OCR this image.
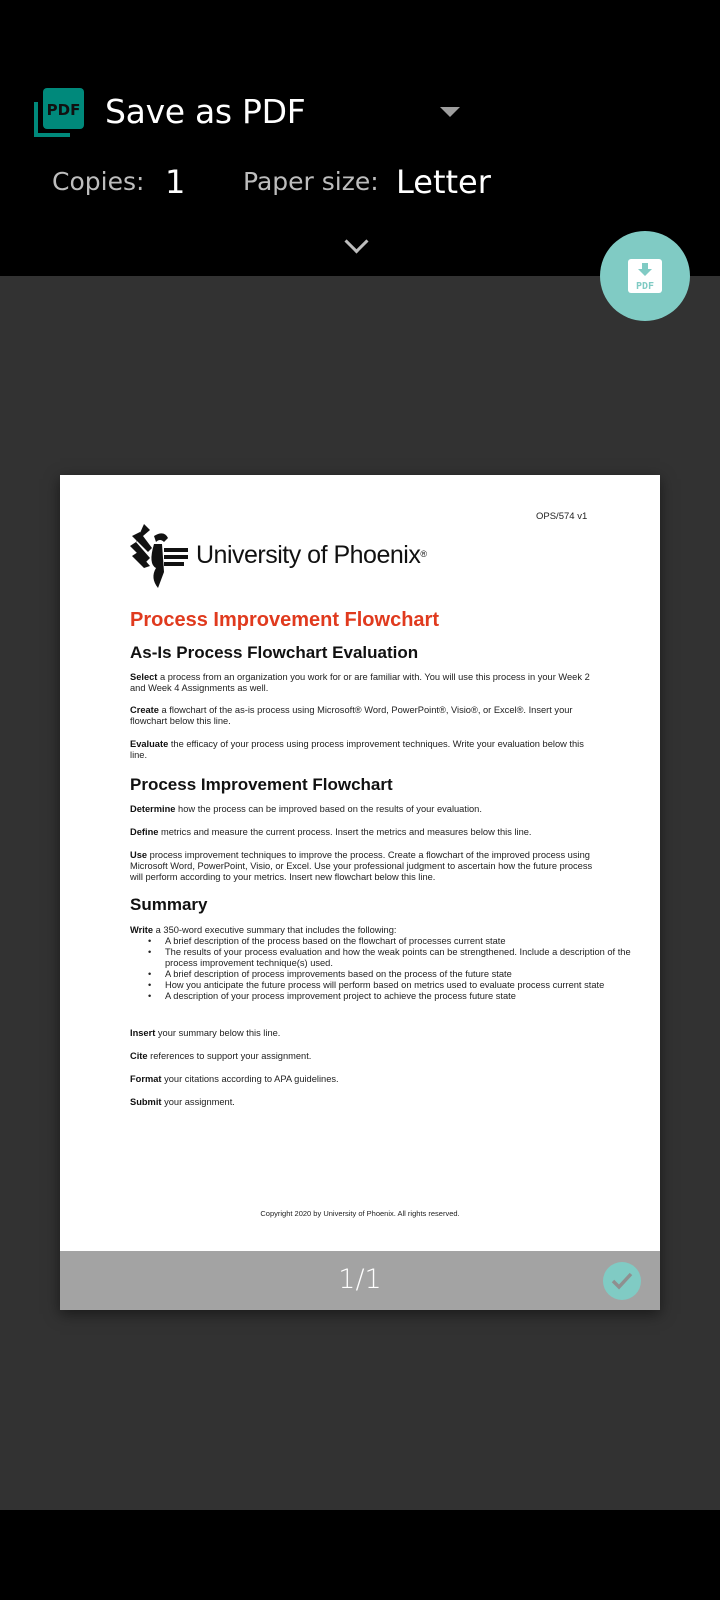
PDF Save as PDF
Copies: 1 Paper size: Letter
PDF
OPS/574 v1
University of Phoenix®
Process Improvement Flowchart
As-Is Process Flowchart Evaluation
Select a process from an organization you work for or are familiar with. You will use this process in your Week 2 and Week 4 Assignments as well.
Create a flowchart of the as-is process using Microsoft® Word, PowerPoint®, Visio®, or Excel®. Insert your flowchart below this line.
Evaluate the efficacy of your process using process improvement techniques. Write your evaluation below this line.
Process Improvement Flowchart
Determine how the process can be improved based on the results of your evaluation.
Define metrics and measure the current process. Insert the metrics and measures below this line.
Use process improvement techniques to improve the process. Create a flowchart of the improved process using Microsoft Word, PowerPoint, Visio, or Excel. Use your professional judgment to ascertain how the future process will perform according to your metrics. Insert new flowchart below this line.
Summary
Write a 350-word executive summary that includes the following:
• A brief description of the process based on the flowchart of processes current state
• The results of your process evaluation and how the weak points can be strengthened. Include a description of the process improvement technique(s) used.
• A brief description of process improvements based on the process of the future state
• How you anticipate the future process will perform based on metrics used to evaluate process current state
• A description of your process improvement project to achieve the process future state
Insert your summary below this line.
Cite references to support your assignment.
Format your citations according to APA guidelines.
Submit your assignment.
Copyright 2020 by University of Phoenix. All rights reserved.
1/1
